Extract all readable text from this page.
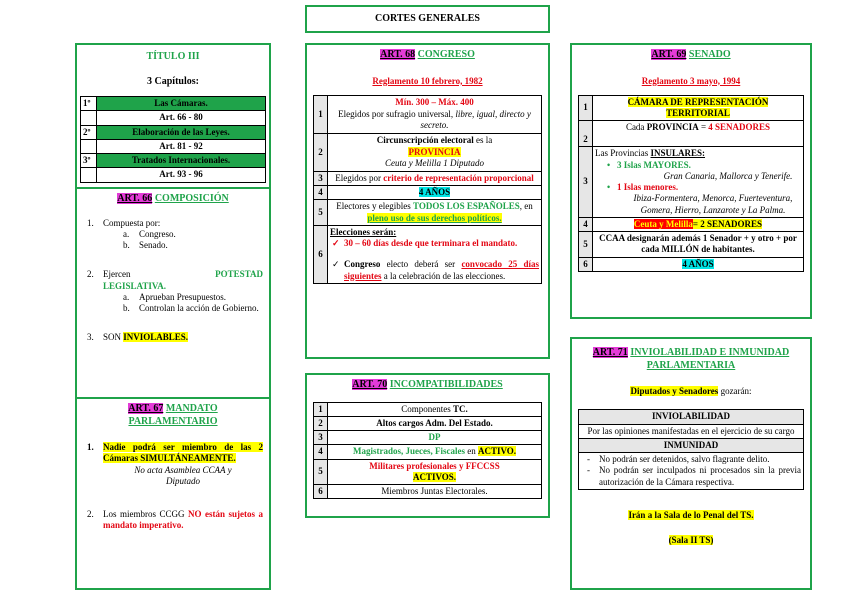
CORTES GENERALES
TÍTULO III
3 Capítulos:
1º	Las Cámaras.
	Art. 66 - 80
2º	Elaboración de las Leyes.
	Art. 81 - 92
3º	Tratados Internacionales.
	Art. 93 - 96
ART. 66 COMPOSICIÓN
1. Compuesta por:
a. Congreso.
b. Senado.
2. Ejercen	POTESTAD LEGISLATIVA.
a. Aprueban Presupuestos.
b. Controlan la acción de Gobierno.
3. SON INVIOLABLES.
ART. 67 MANDATO PARLAMENTARIO
1. Nadie podrá ser miembro de las 2 Cámaras SIMULTÁNEAMENTE.
No acta Asamblea CCAA y Diputado
2. Los miembros CCGG NO están sujetos a mandato imperativo.
ART. 68 CONGRESO
Reglamento 10 febrero, 1982
1	Mín. 300 – Máx. 400
Elegidos por sufragio universal, libre, igual, directo y secreto.
2	Circunscripción electoral es la
PROVINCIA
Ceuta y Melilla 1 Diputado
3	Elegidos por criterio de representación proporcional
4	4 AÑOS
5	Electores y elegibles TODOS LOS ESPAÑOLES, en pleno uso de sus derechos políticos.
6	Elecciones serán:
✓ 30 – 60 días desde que terminara el mandato.
✓ Congreso electo deberá ser convocado 25 días siguientes a la celebración de las elecciones.
ART. 70 INCOMPATIBILIDADES
1	Componentes TC.
2	Altos cargos Adm. Del Estado.
3	DP
4	Magistrados, Jueces, Fiscales en ACTIVO.
5	Militares profesionales y FFCCSS
ACTIVOS.
6	Miembros Juntas Electorales.
ART. 69 SENADO
Reglamento 3 mayo, 1994
1	CÁMARA DE REPRESENTACIÓN TERRITORIAL
2	Cada PROVINCIA = 4 SENADORES
3	Las Provincias INSULARES:
• 3 Islas MAYORES.
Gran Canaria, Mallorca y Tenerife.
• 1 Islas menores.
Ibiza-Formentera, Menorca, Fuerteventura, Gomera, Hierro, Lanzarote y La Palma.

4	Ceuta y Melilla= 2 SENADORES
5	CCAA designarán además 1 Senador + y otro + por cada MILLÓN de habitantes.
6	4 AÑOS
ART. 71 INVIOLABILIDAD E INMUNIDAD PARLAMENTARIA
Diputados y Senadores gozarán:
INVIOLABILIDAD
Por las opiniones manifestadas en el ejercicio de su cargo
INMUNIDAD

- No podrán ser detenidos, salvo flagrante delito.
- No podrán ser inculpados ni procesados sin la previa autorización de la Cámara respectiva.
Irán a la Sala de lo Penal del TS.
(Sala II TS)
